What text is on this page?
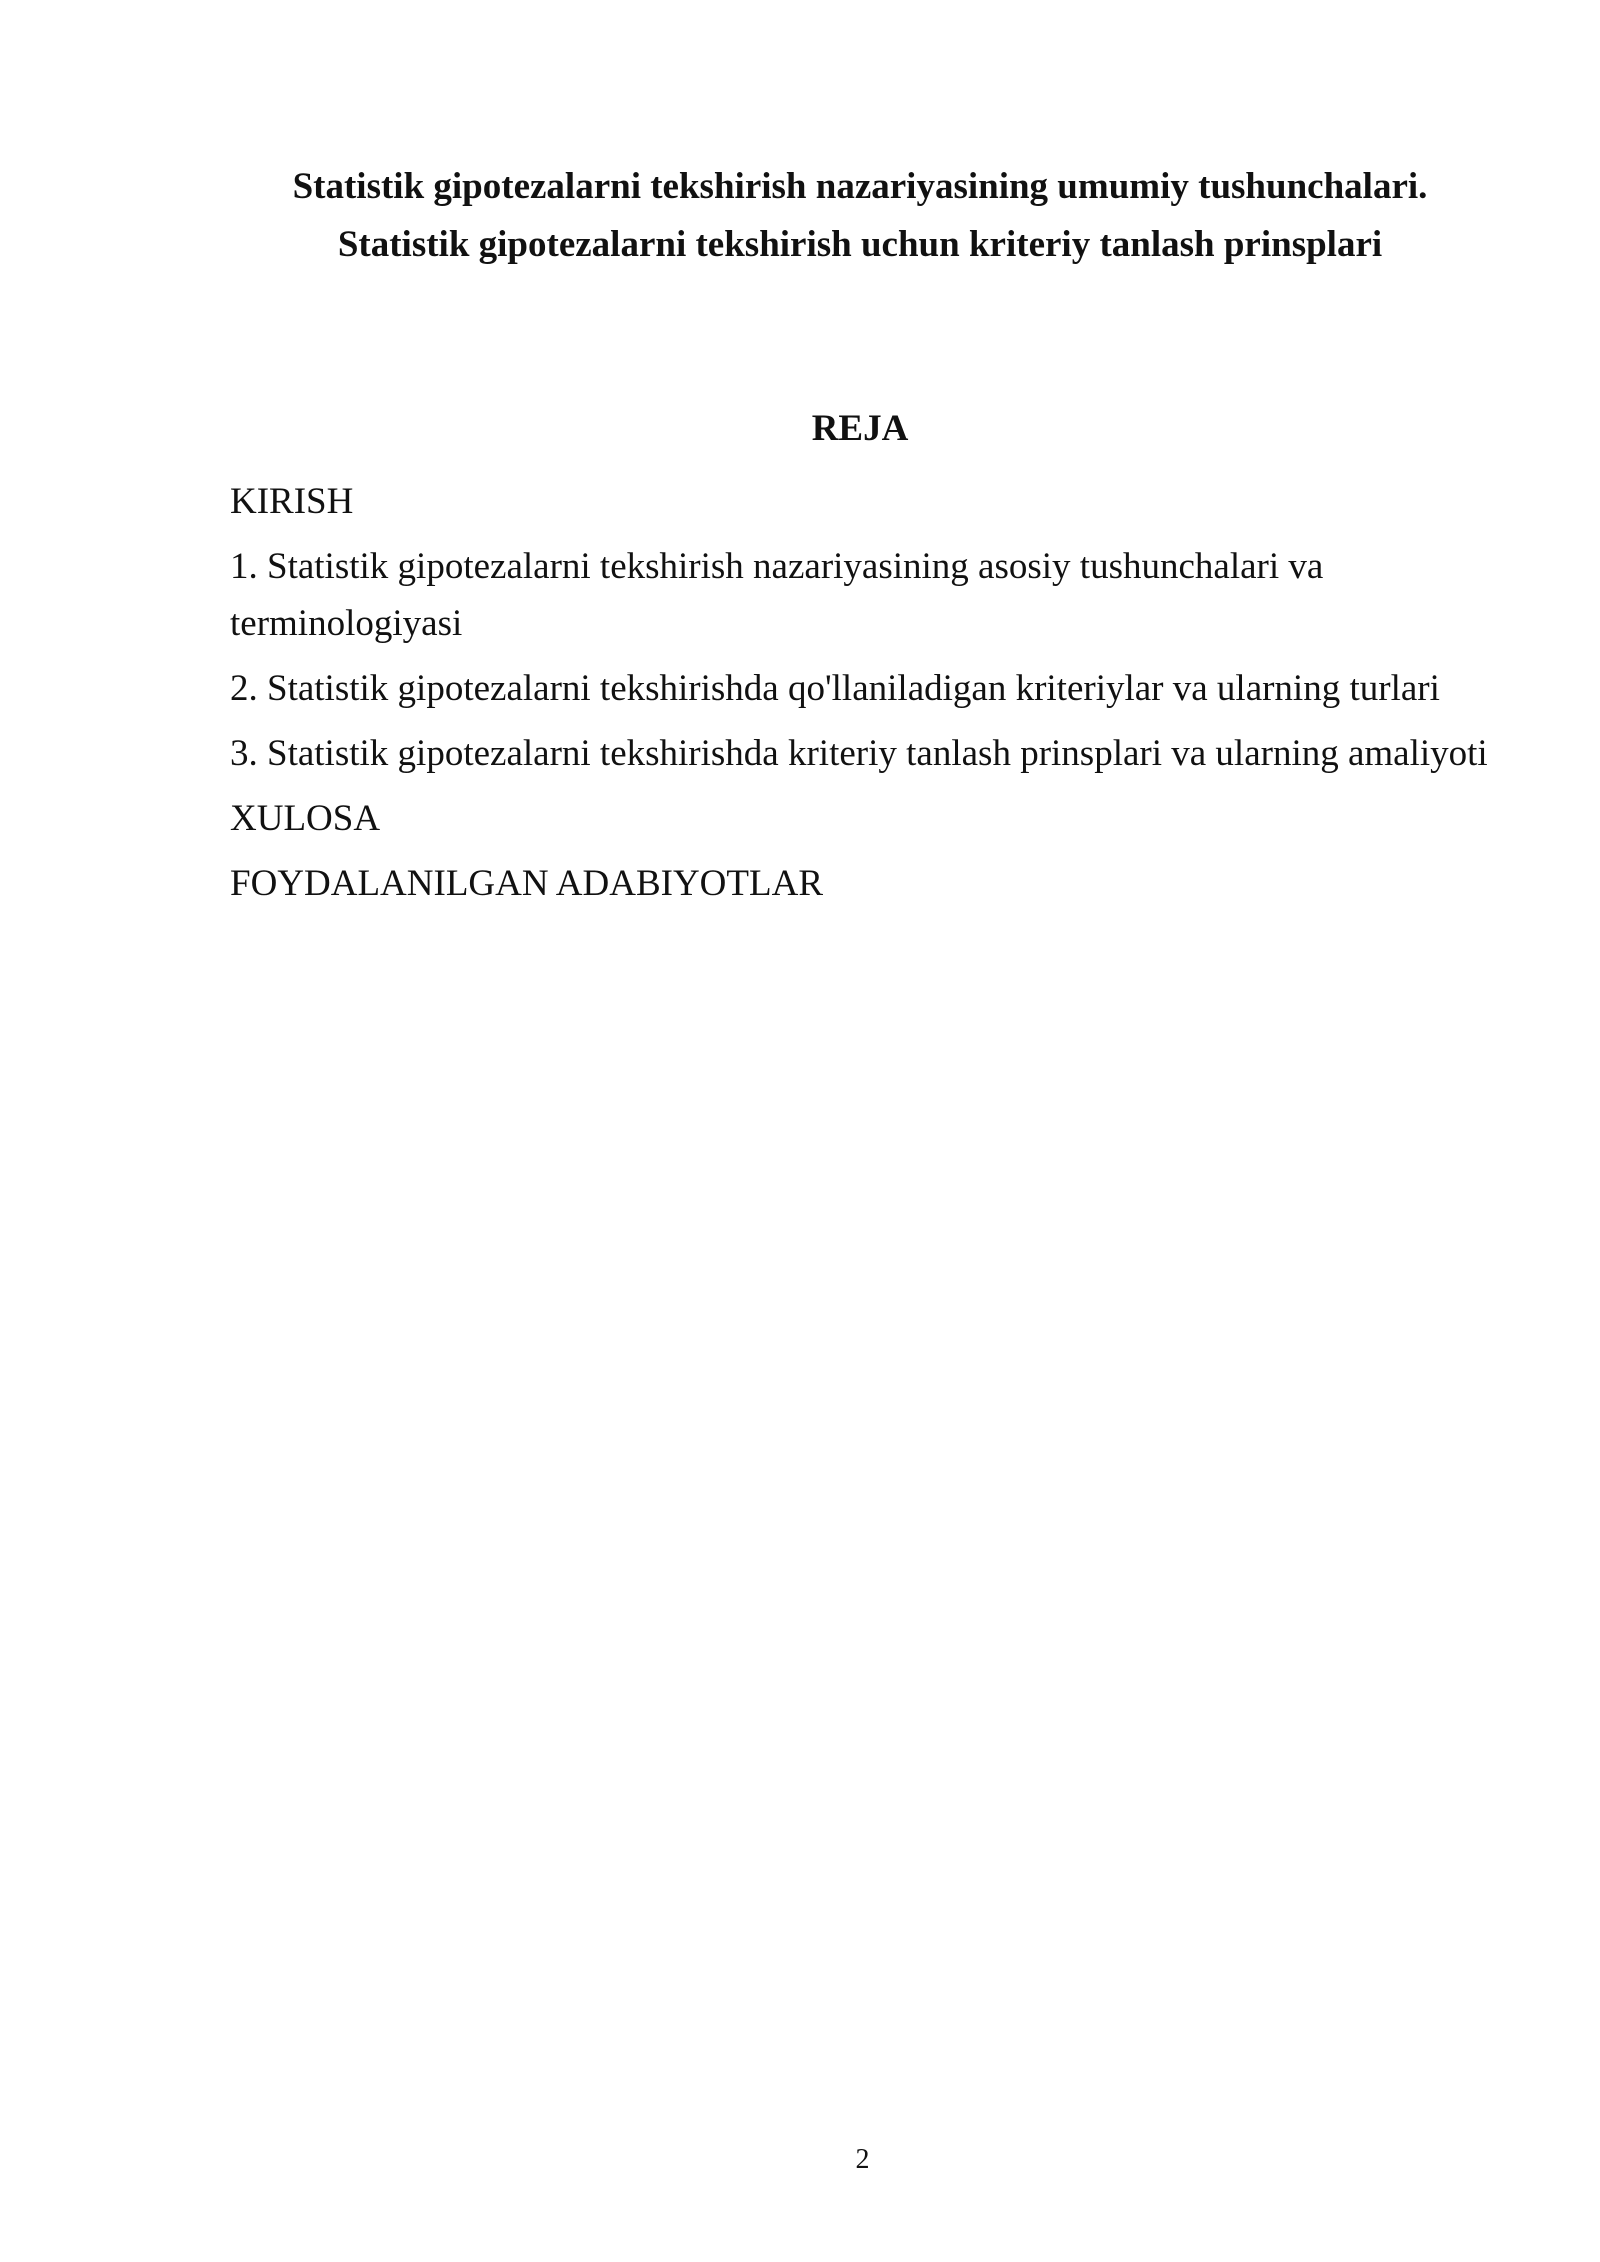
Statistik gipotezalarni tekshirish nazariyasining umumiy tushunchalari.
Statistik gipotezalarni tekshirish uchun kriteriy tanlash prinsplari
REJA
KIRISH
1. Statistik gipotezalarni tekshirish nazariyasining asosiy tushunchalari va terminologiyasi
2. Statistik gipotezalarni tekshirishda qo'llaniladigan kriteriylar va ularning turlari
3. Statistik gipotezalarni tekshirishda kriteriy tanlash prinsplari va ularning amaliyoti
XULOSA
FOYDALANILGAN ADABIYOTLAR
2
